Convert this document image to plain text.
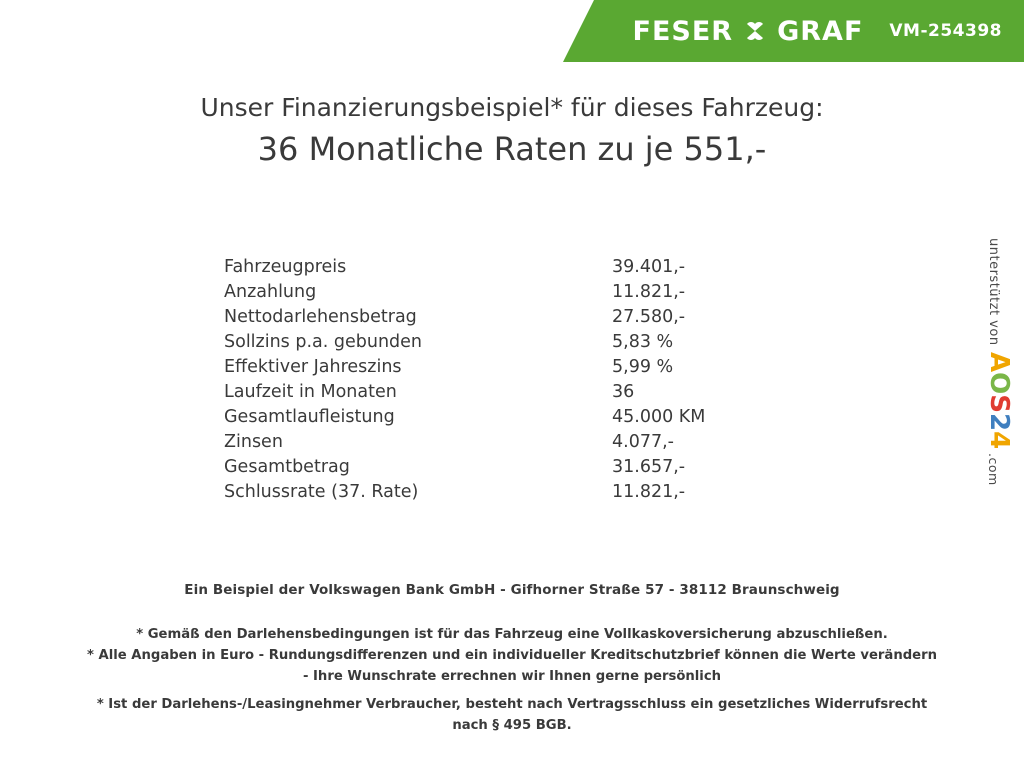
FESER GRAF VM-254398

Unser Finanzierungsbeispiel* für dieses Fahrzeug:

36 Monatliche Raten zu je 551,-

Fahrzeugpreis	39.401,-
Anzahlung	11.821,-
Nettodarlehensbetrag	27.580,-
Sollzins p.a. gebunden	5,83 %
Effektiver Jahreszins	5,99 %
Laufzeit in Monaten	36
Gesamtlaufleistung	45.000 KM
Zinsen	4.077,-
Gesamtbetrag	31.657,-
Schlussrate (37. Rate)	11.821,-
unterstützt von
AOS24
.com

Ein Beispiel der Volkswagen Bank GmbH - Gifhorner Straße 57 - 38112 Braunschweig

* Gemäß den Darlehensbedingungen ist für das Fahrzeug eine Vollkaskoversicherung abzuschließen.

* Alle Angaben in Euro - Rundungsdifferenzen und ein individueller Kreditschutzbrief können die Werte verändern

- Ihre Wunschrate errechnen wir Ihnen gerne persönlich

* Ist der Darlehens-/Leasingnehmer Verbraucher, besteht nach Vertragsschluss ein gesetzliches Widerrufsrecht

nach § 495 BGB.
